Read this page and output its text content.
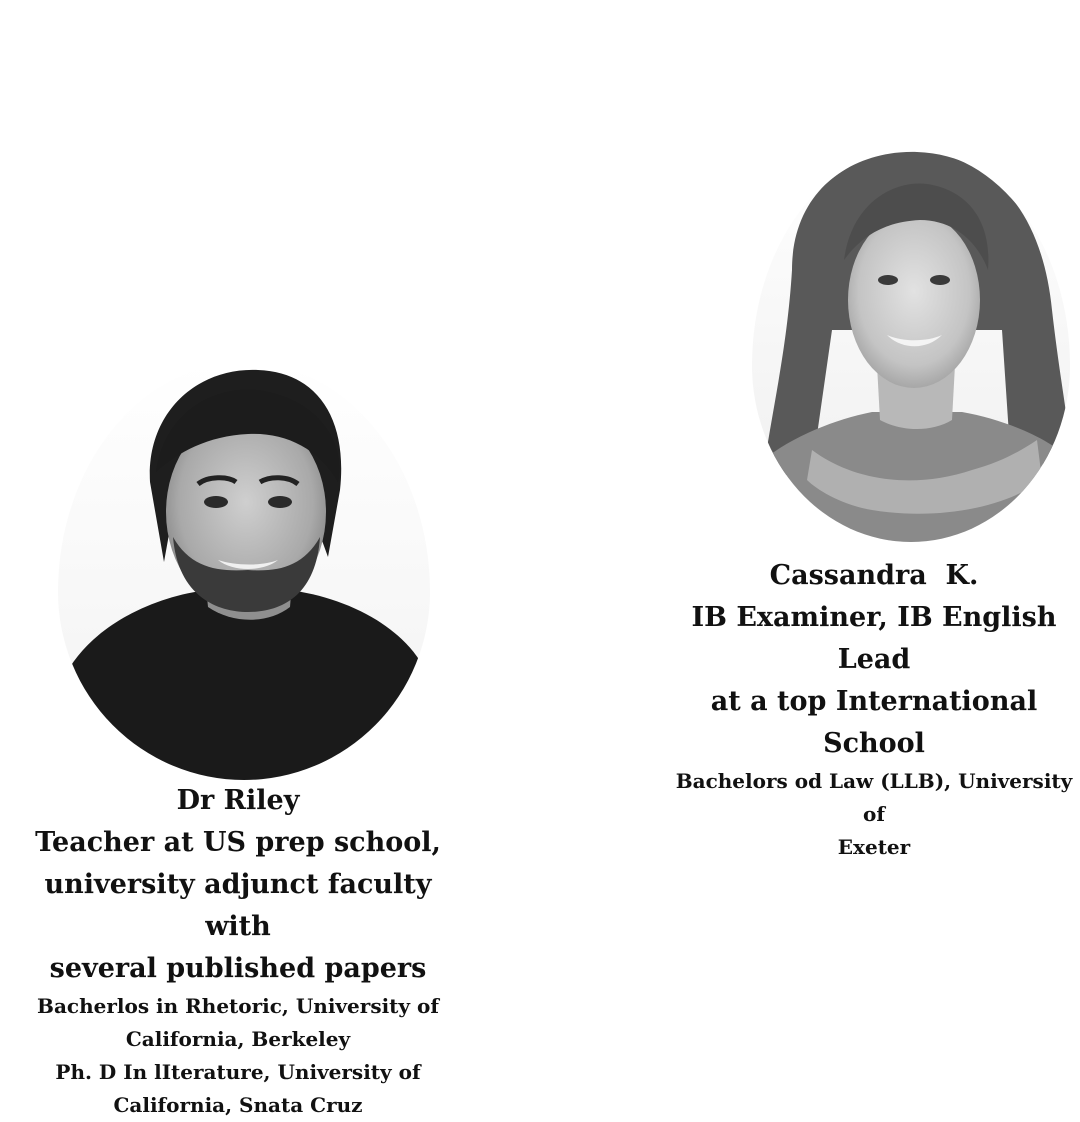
Dr Riley
Teacher at US prep school,
university adjunct faculty with
several published papers
Bacherlos in Rhetoric, University of
California, Berkeley
Ph. D In lIterature, University of
California, Snata Cruz
Cassandra  K.
IB Examiner, IB English Lead
at a top International School
Bachelors od Law (LLB), University of
Exeter
